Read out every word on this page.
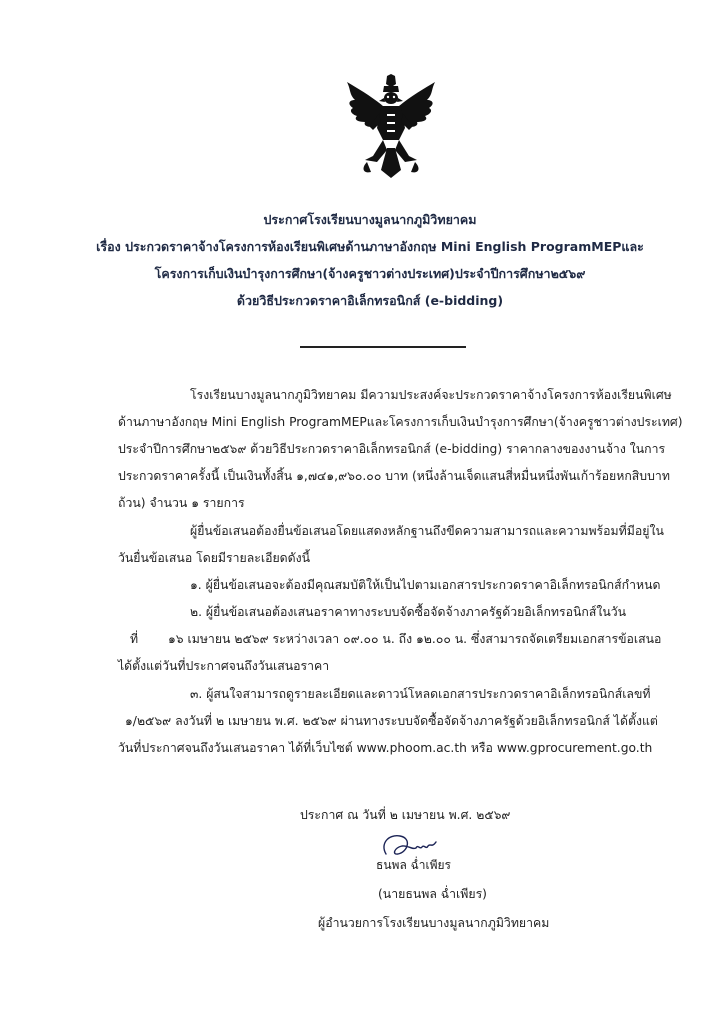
ประกาศโรงเรียนบางมูลนากภูมิวิทยาคม
เรื่อง ประกวดราคาจ้างโครงการห้องเรียนพิเศษด้านภาษาอังกฤษ Mini English ProgramMEPและ
โครงการเก็บเงินบำรุงการศึกษา(จ้างครูชาวต่างประเทศ)ประจำปีการศึกษา๒๕๖๙
ด้วยวิธีประกวดราคาอิเล็กทรอนิกส์ (e-bidding)
โรงเรียนบางมูลนากภูมิวิทยาคม มีความประสงค์จะประกวดราคาจ้างโครงการห้องเรียนพิเศษ
ด้านภาษาอังกฤษ Mini English ProgramMEPและโครงการเก็บเงินบำรุงการศึกษา(จ้างครูชาวต่างประเทศ)
ประจำปีการศึกษา๒๕๖๙ ด้วยวิธีประกวดราคาอิเล็กทรอนิกส์ (e-bidding) ราคากลางของงานจ้าง ในการ
ประกวดราคาครั้งนี้ เป็นเงินทั้งสิ้น ๑,๗๔๑,๙๖๐.๐๐ บาท (หนึ่งล้านเจ็ดแสนสี่หมื่นหนึ่งพันเก้าร้อยหกสิบบาท
ถ้วน) จำนวน ๑ รายการ
ผู้ยื่นข้อเสนอต้องยื่นข้อเสนอโดยแสดงหลักฐานถึงขีดความสามารถและความพร้อมที่มีอยู่ใน
วันยื่นข้อเสนอ โดยมีรายละเอียดดังนี้
๑. ผู้ยื่นข้อเสนอจะต้องมีคุณสมบัติให้เป็นไปตามเอกสารประกวดราคาอิเล็กทรอนิกส์กำหนด
๒. ผู้ยื่นข้อเสนอต้องเสนอราคาทางระบบจัดซื้อจัดจ้างภาครัฐด้วยอิเล็กทรอนิกส์ในวัน
ที่	๑๖ เมษายน ๒๕๖๙ ระหว่างเวลา ๐๙.๐๐ น. ถึง ๑๒.๐๐ น. ซึ่งสามารถจัดเตรียมเอกสารข้อเสนอ
ได้ตั้งแต่วันที่ประกาศจนถึงวันเสนอราคา
๓. ผู้สนใจสามารถดูรายละเอียดและดาวน์โหลดเอกสารประกวดราคาอิเล็กทรอนิกส์เลขที่
๑/๒๕๖๙ ลงวันที่ ๒ เมษายน พ.ศ. ๒๕๖๙ ผ่านทางระบบจัดซื้อจัดจ้างภาครัฐด้วยอิเล็กทรอนิกส์ ได้ตั้งแต่
วันที่ประกาศจนถึงวันเสนอราคา ได้ที่เว็บไซต์ www.phoom.ac.th หรือ www.gprocurement.go.th
ประกาศ ณ วันที่ ๒ เมษายน พ.ศ. ๒๕๖๙
ธนพล ฉ่ำเพียร
(นายธนพล ฉ่ำเพียร)
ผู้อำนวยการโรงเรียนบางมูลนากภูมิวิทยาคม
